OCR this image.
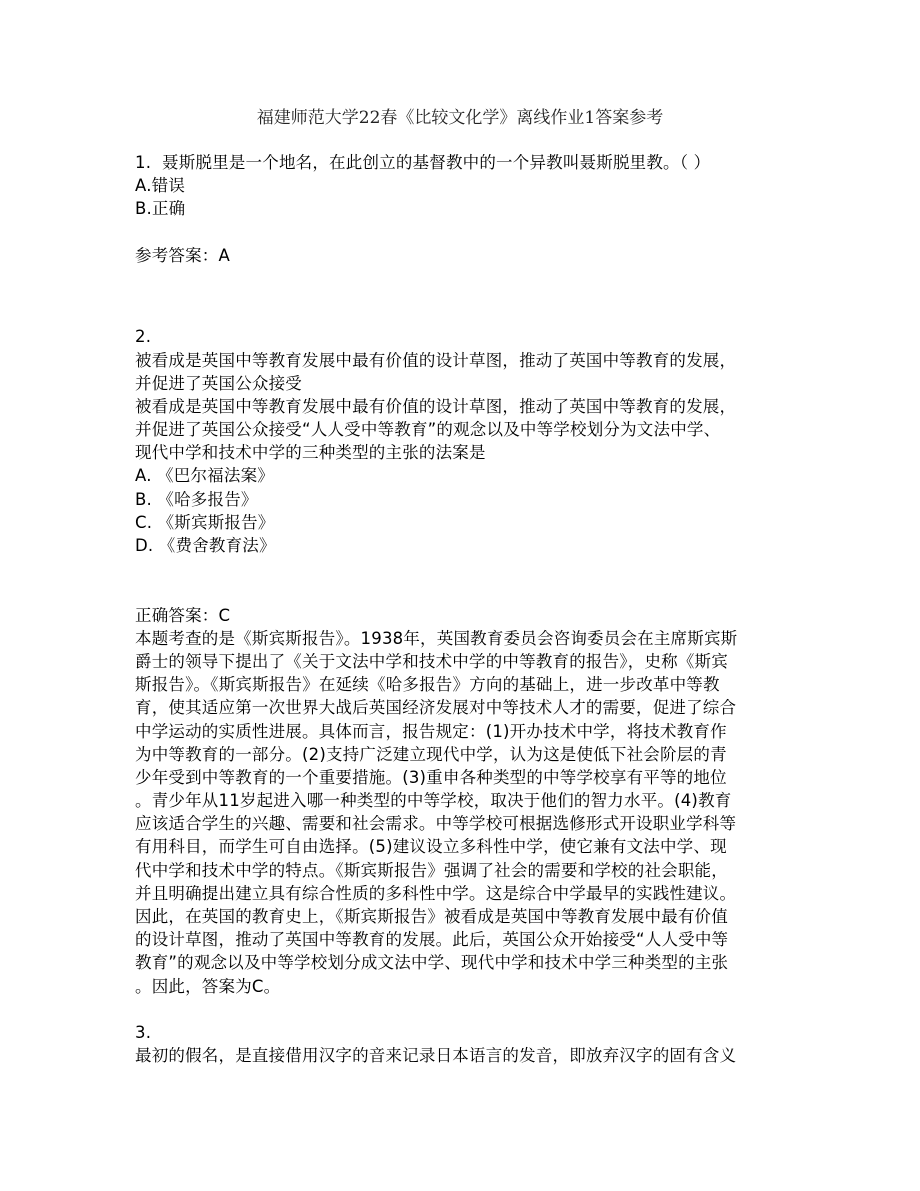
福建师范大学22春《比较文化学》离线作业1答案参考
1. 聂斯脱里是一个地名，在此创立的基督教中的一个异教叫聂斯脱里教。（ ）
A.错误
B.正确
参考答案：A
2.
被看成是英国中等教育发展中最有价值的设计草图，推动了英国中等教育的发展，
并促进了英国公众接受
被看成是英国中等教育发展中最有价值的设计草图，推动了英国中等教育的发展，
并促进了英国公众接受“人人受中等教育”的观念以及中等学校划分为文法中学、
现代中学和技术中学的三种类型的主张的法案是
A. 《巴尔福法案》
B. 《哈多报告》
C. 《斯宾斯报告》
D. 《费舍教育法》
正确答案：C
本题考查的是《斯宾斯报告》。1938年，英国教育委员会咨询委员会在主席斯宾斯
爵士的领导下提出了《关于文法中学和技术中学的中等教育的报告》，史称《斯宾
斯报告》。《斯宾斯报告》在延续《哈多报告》方向的基础上，进一步改革中等教
育，使其适应第一次世界大战后英国经济发展对中等技术人才的需要，促进了综合
中学运动的实质性进展。具体而言，报告规定：(1)开办技术中学，将技术教育作
为中等教育的一部分。(2)支持广泛建立现代中学，认为这是使低下社会阶层的青
少年受到中等教育的一个重要措施。(3)重申各种类型的中等学校享有平等的地位
。青少年从11岁起进入哪一种类型的中等学校，取决于他们的智力水平。(4)教育
应该适合学生的兴趣、需要和社会需求。中等学校可根据选修形式开设职业学科等
有用科目，而学生可自由选择。(5)建议设立多科性中学，使它兼有文法中学、现
代中学和技术中学的特点。《斯宾斯报告》强调了社会的需要和学校的社会职能，
并且明确提出建立具有综合性质的多科性中学。这是综合中学最早的实践性建议。
因此，在英国的教育史上，《斯宾斯报告》被看成是英国中等教育发展中最有价值
的设计草图，推动了英国中等教育的发展。此后，英国公众开始接受“人人受中等
教育”的观念以及中等学校划分成文法中学、现代中学和技术中学三种类型的主张
。因此，答案为C。
3.
最初的假名，是直接借用汉字的音来记录日本语言的发音，即放弃汉字的固有含义
